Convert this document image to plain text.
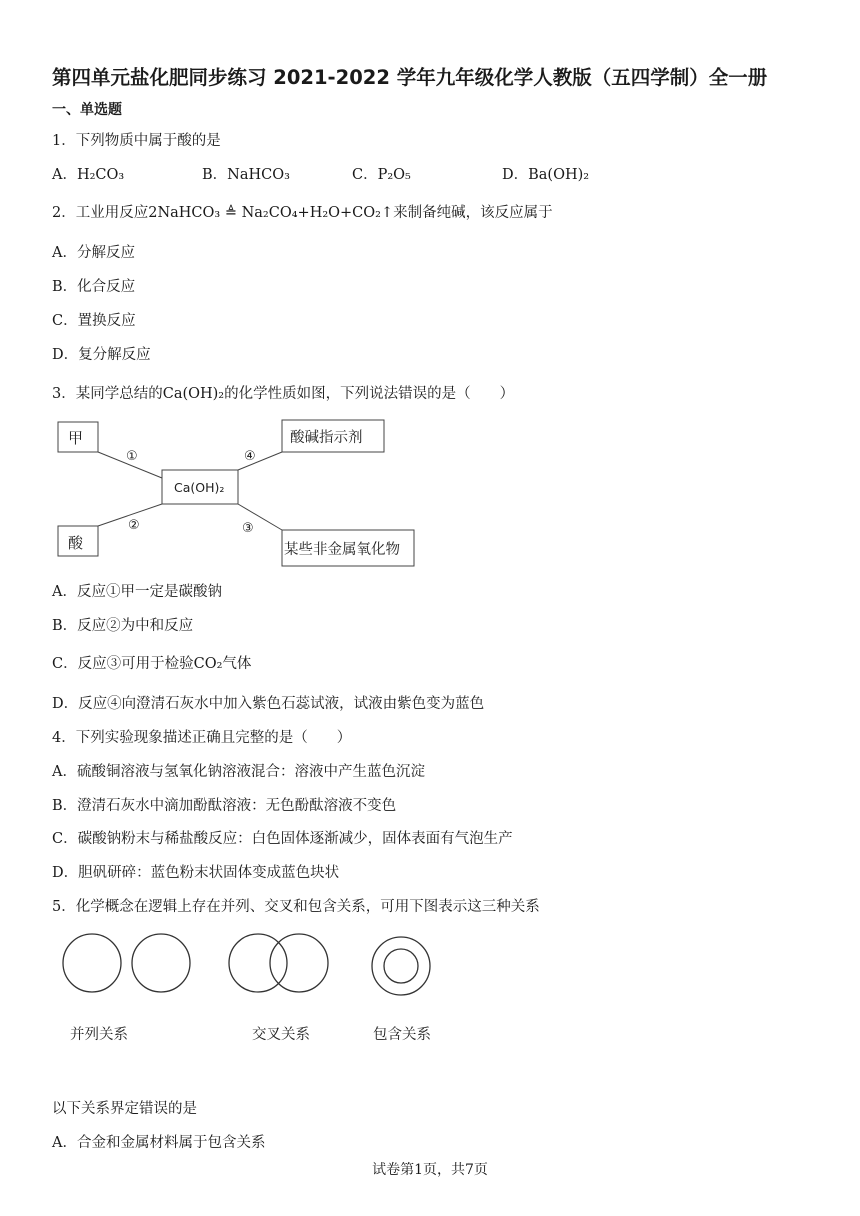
第四单元盐化肥同步练习 2021-2022 学年九年级化学人教版（五四学制）全一册
一、单选题
1．下列物质中属于酸的是
A．H₂CO₃	B．NaHCO₃	C．P₂O₅	D．Ba(OH)₂
2．工业用反应2NaHCO₃ ≜ Na₂CO₄+H₂O+CO₂↑来制备纯碱，该反应属于
A．分解反应
B．化合反应
C．置换反应
D．复分解反应
3．某同学总结的Ca(OH)₂的化学性质如图，下列说法错误的是（　　）
甲
酸
Ca(OH)₂
酸碱指示剂
某些非金属氧化物
①
②	③
④
A．反应①甲一定是碳酸钠
B．反应②为中和反应
C．反应③可用于检验CO₂气体
D．反应④向澄清石灰水中加入紫色石蕊试液，试液由紫色变为蓝色
4．下列实验现象描述正确且完整的是（　　）
A．硫酸铜溶液与氢氧化钠溶液混合：溶液中产生蓝色沉淀
B．澄清石灰水中滴加酚酞溶液：无色酚酞溶液不变色
C．碳酸钠粉末与稀盐酸反应：白色固体逐渐减少，固体表面有气泡生产
D．胆矾研碎：蓝色粉末状固体变成蓝色块状
5．化学概念在逻辑上存在并列、交叉和包含关系，可用下图表示这三种关系
并列关系	交叉关系	包含关系
以下关系界定错误的是
A．合金和金属材料属于包含关系
试卷第1页，共7页
